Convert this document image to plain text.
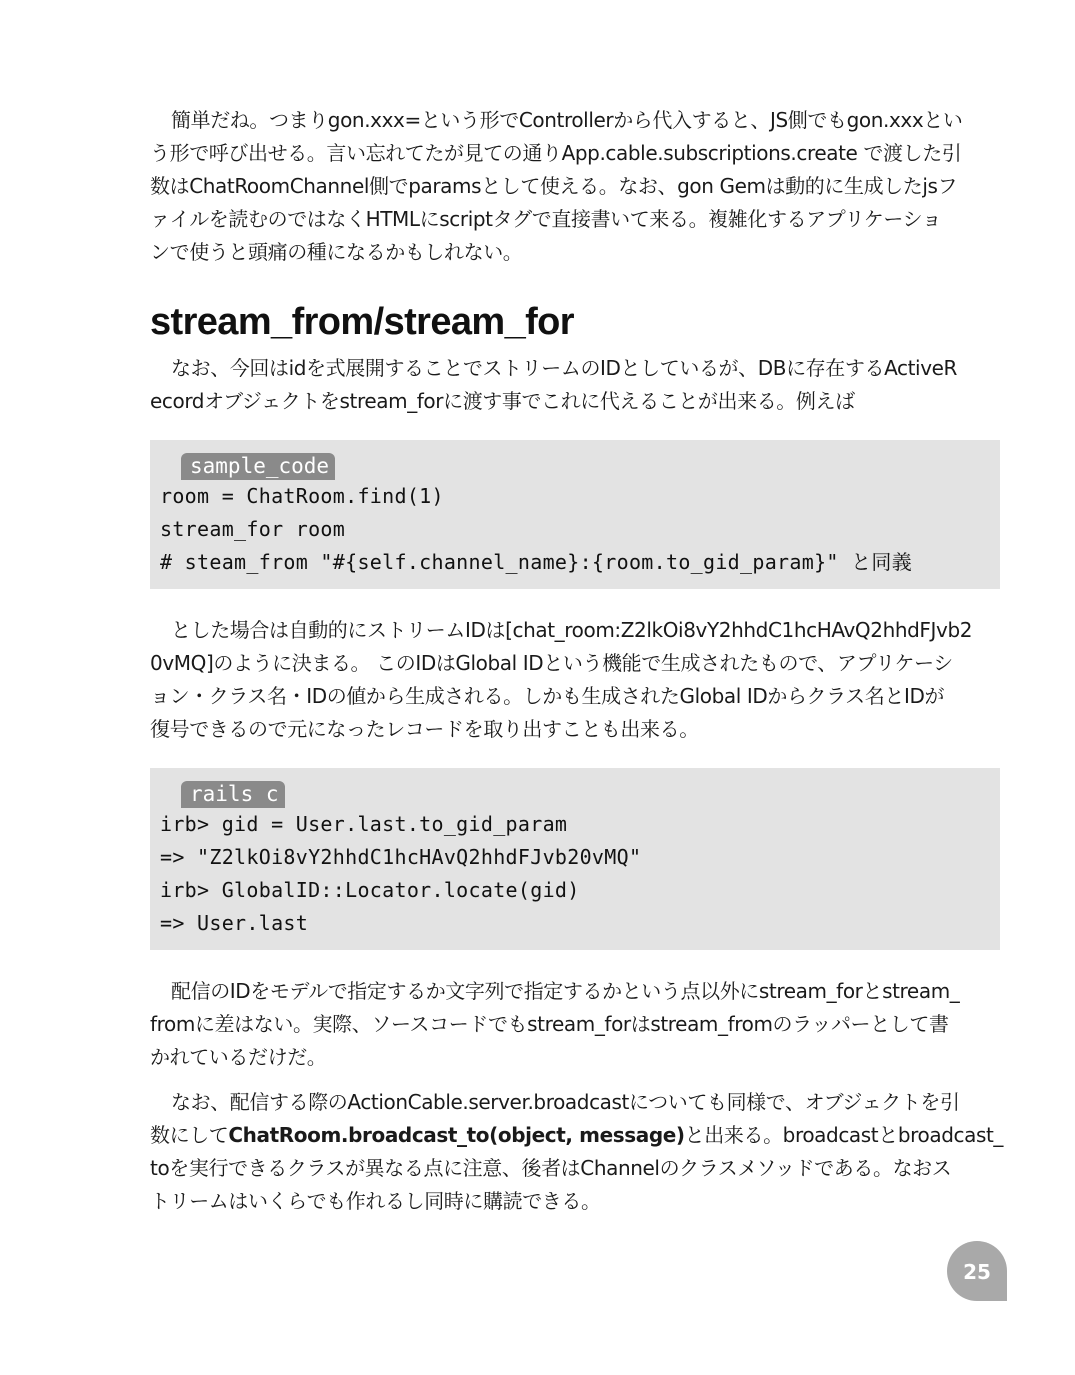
簡単だね。つまりgon.xxx=という形でControllerから代入すると、JS側でもgon.xxxとい
う形で呼び出せる。言い忘れてたが見ての通りApp.cable.subscriptions.create で渡した引
数はChatRoomChannel側でparamsとして使える。なお、gon Gemは動的に生成したjsフ
ァイルを読むのではなくHTMLにscriptタグで直接書いて来る。複雑化するアプリケーショ
ンで使うと頭痛の種になるかもしれない。

stream_from/stream_for

なお、今回はidを式展開することでストリームのIDとしているが、DBに存在するActiveR
ecordオブジェクトをstream_forに渡す事でこれに代えることが出来る。例えば

sample_code
room = ChatRoom.find(1)
stream_for room
# steam_from "#{self.channel_name}:{room.to_gid_param}" と同義

とした場合は自動的にストリームIDは[chat_room:Z2lkOi8vY2hhdC1hcHAvQ2hhdFJvb2
0vMQ]のように決まる。 このIDはGlobal IDという機能で生成されたもので、アプリケーシ
ョン・クラス名・IDの値から生成される。しかも生成されたGlobal IDからクラス名とIDが
復号できるので元になったレコードを取り出すことも出来る。

rails c
irb> gid = User.last.to_gid_param
=> "Z2lkOi8vY2hhdC1hcHAvQ2hhdFJvb20vMQ"
irb> GlobalID::Locator.locate(gid)
=> User.last

配信のIDをモデルで指定するか文字列で指定するかという点以外にstream_forとstream_
fromに差はない。実際、ソースコードでもstream_forはstream_fromのラッパーとして書
かれているだけだ。

なお、配信する際のActionCable.server.broadcastについても同様で、オブジェクトを引
数にしてChatRoom.broadcast_to(object, message)と出来る。broadcastとbroadcast_
toを実行できるクラスが異なる点に注意、後者はChannelのクラスメソッドである。なおス
トリームはいくらでも作れるし同時に購読できる。

25
